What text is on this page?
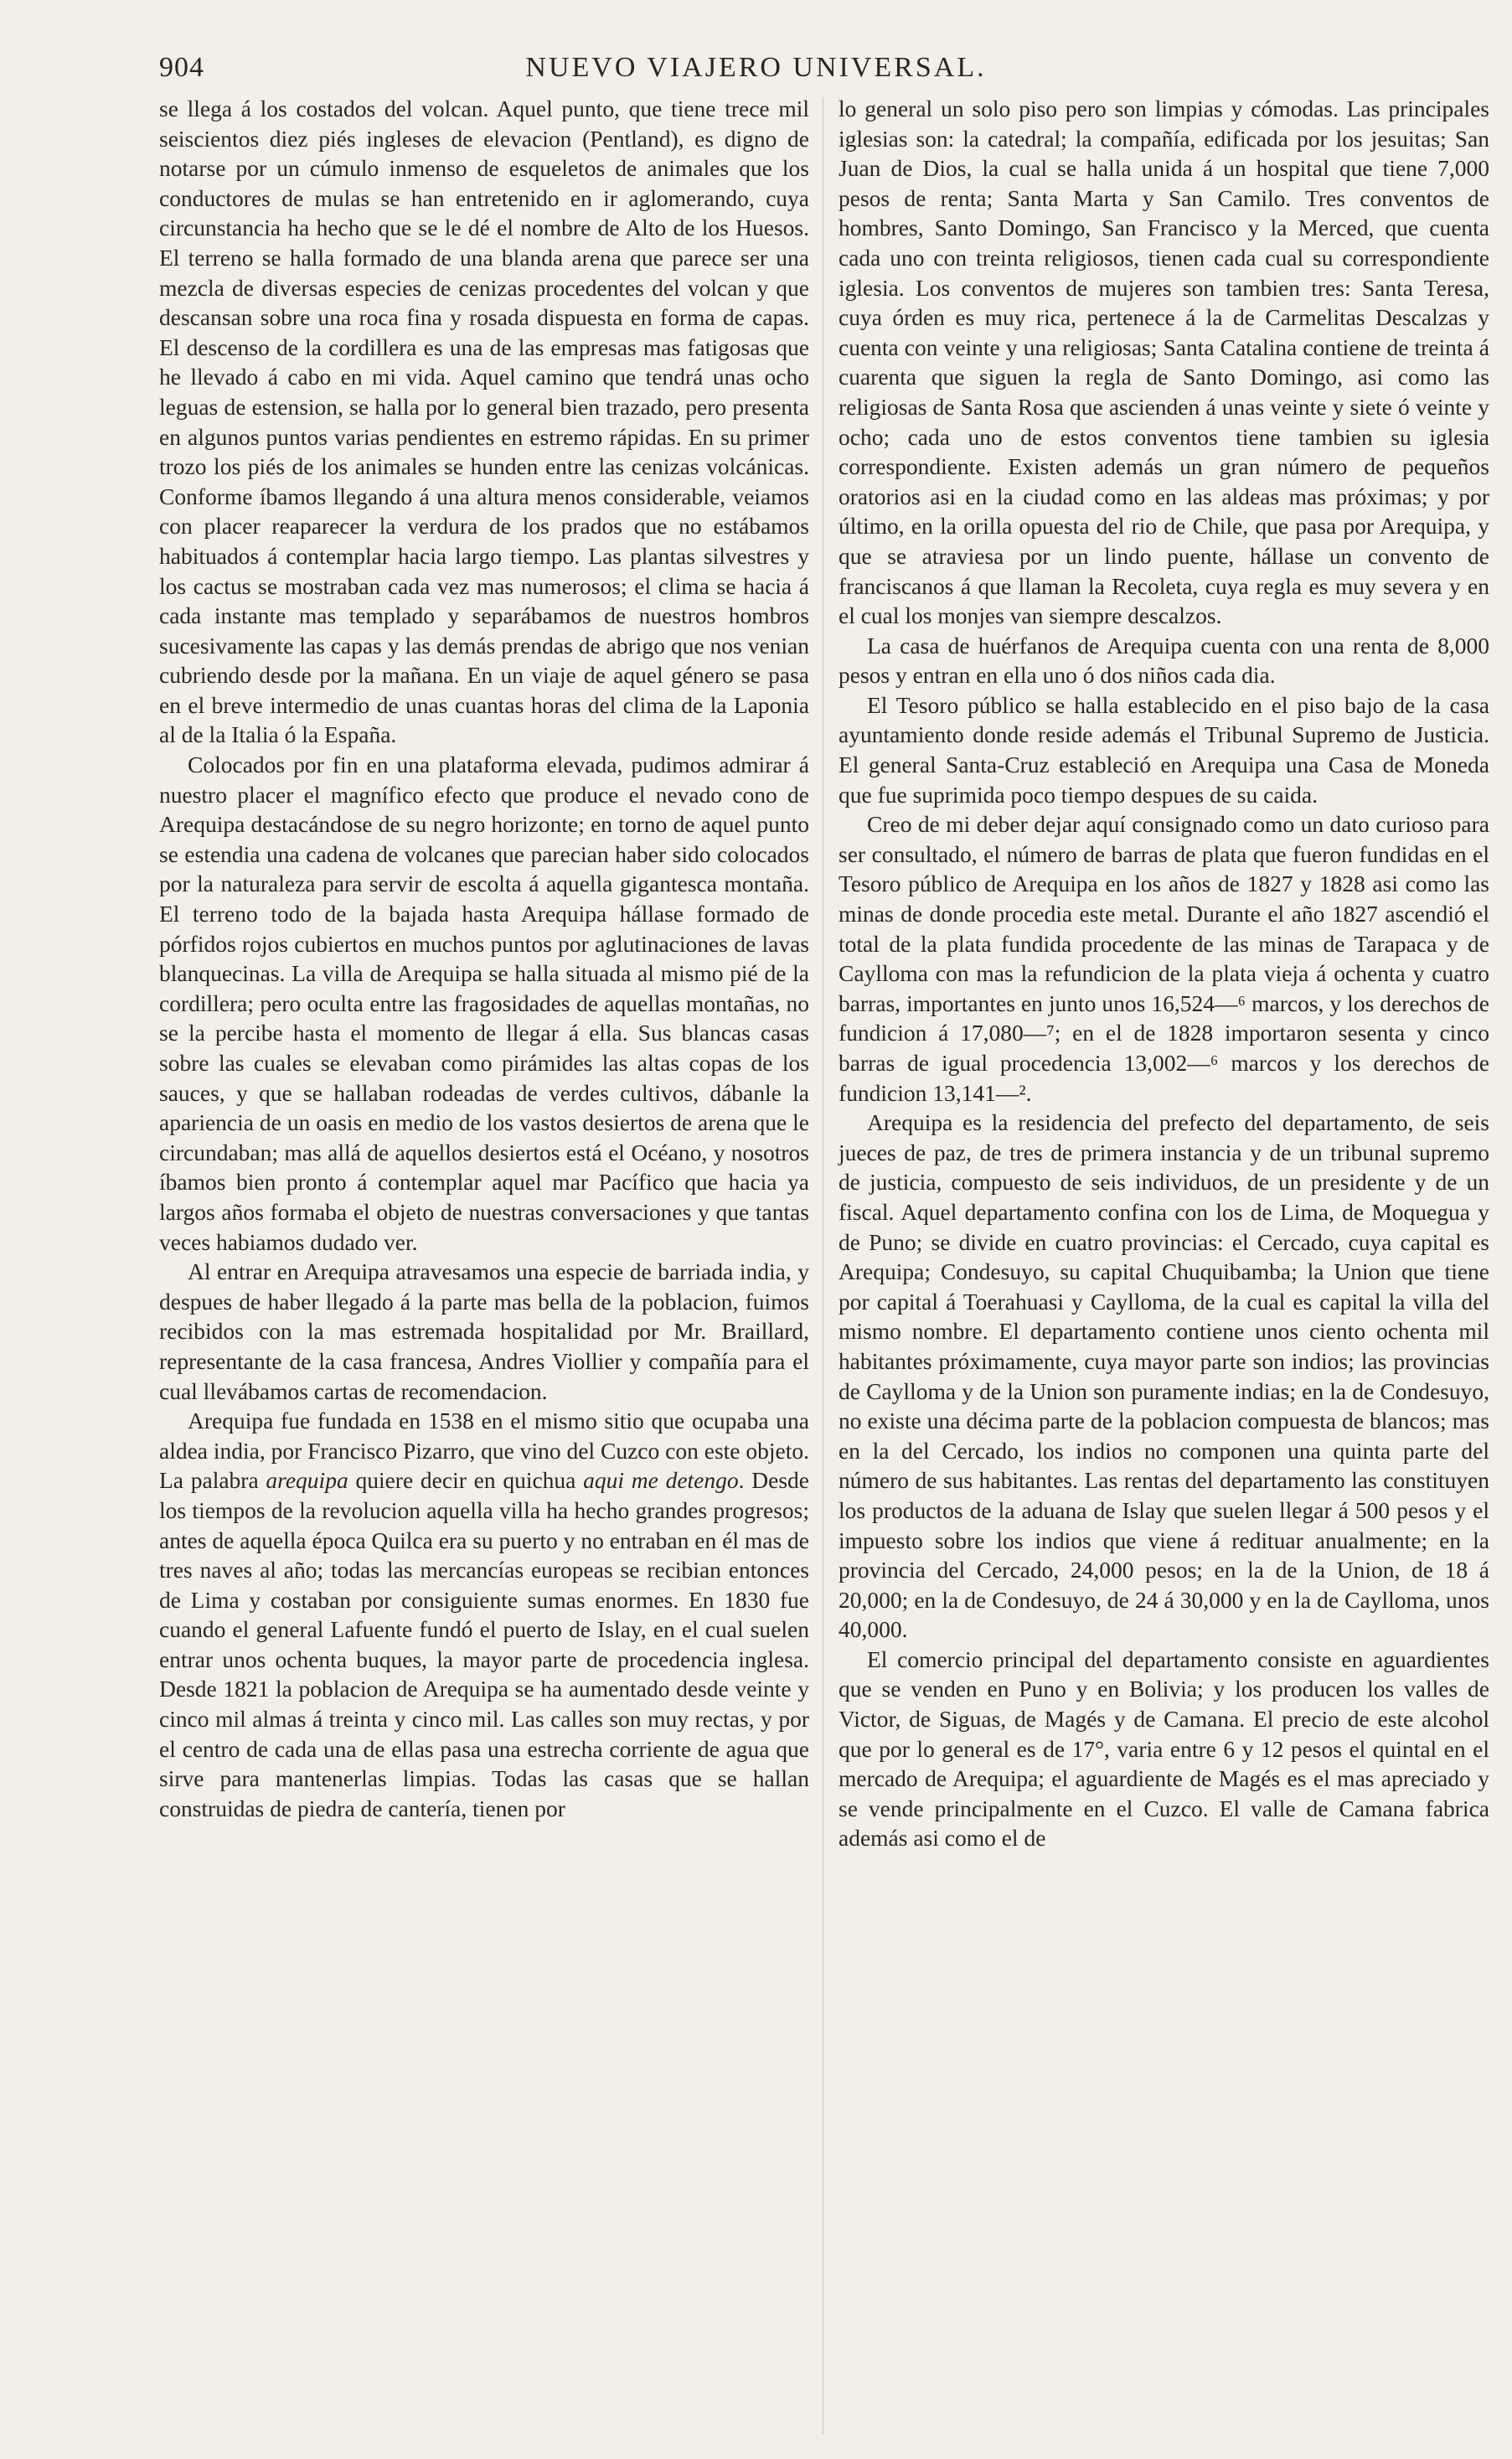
904	NUEVO VIAJERO UNIVERSAL.

se llega á los costados del volcan. Aquel punto, que tiene trece mil seiscientos diez piés ingleses de elevacion (Pentland), es digno de notarse por un cúmulo inmenso de esqueletos de animales que los conductores de mulas se han entretenido en ir aglomerando, cuya circunstancia ha hecho que se le dé el nombre de Alto de los Huesos. El terreno se halla formado de una blanda arena que parece ser una mezcla de diversas especies de cenizas procedentes del volcan y que descansan sobre una roca fina y rosada dispuesta en forma de capas. El descenso de la cordillera es una de las empresas mas fatigosas que he llevado á cabo en mi vida. Aquel camino que tendrá unas ocho leguas de estension, se halla por lo general bien trazado, pero presenta en algunos puntos varias pendientes en estremo rápidas. En su primer trozo los piés de los animales se hunden entre las cenizas volcánicas. Conforme íbamos llegando á una altura menos considerable, veiamos con placer reaparecer la verdura de los prados que no estábamos habituados á contemplar hacia largo tiempo. Las plantas silvestres y los cactus se mostraban cada vez mas numerosos; el clima se hacia á cada instante mas templado y separábamos de nuestros hombros sucesivamente las capas y las demás prendas de abrigo que nos venian cubriendo desde por la mañana. En un viaje de aquel género se pasa en el breve intermedio de unas cuantas horas del clima de la Laponia al de la Italia ó la España.

Colocados por fin en una plataforma elevada, pudimos admirar á nuestro placer el magnífico efecto que produce el nevado cono de Arequipa destacándose de su negro horizonte; en torno de aquel punto se estendia una cadena de volcanes que parecian haber sido colocados por la naturaleza para servir de escolta á aquella gigantesca montaña. El terreno todo de la bajada hasta Arequipa hállase formado de pórfidos rojos cubiertos en muchos puntos por aglutinaciones de lavas blanquecinas. La villa de Arequipa se halla situada al mismo pié de la cordillera; pero oculta entre las fragosidades de aquellas montañas, no se la percibe hasta el momento de llegar á ella. Sus blancas casas sobre las cuales se elevaban como pirámides las altas copas de los sauces, y que se hallaban rodeadas de verdes cultivos, dábanle la apariencia de un oasis en medio de los vastos desiertos de arena que le circundaban; mas allá de aquellos desiertos está el Océano, y nosotros íbamos bien pronto á contemplar aquel mar Pacífico que hacia ya largos años formaba el objeto de nuestras conversaciones y que tantas veces habiamos dudado ver.

Al entrar en Arequipa atravesamos una especie de barriada india, y despues de haber llegado á la parte mas bella de la poblacion, fuimos recibidos con la mas estremada hospitalidad por Mr. Braillard, representante de la casa francesa, Andres Viollier y compañía para el cual llevábamos cartas de recomendacion.

Arequipa fue fundada en 1538 en el mismo sitio que ocupaba una aldea india, por Francisco Pizarro, que vino del Cuzco con este objeto. La palabra arequipa quiere decir en quichua aqui me detengo. Desde los tiempos de la revolucion aquella villa ha hecho grandes progresos; antes de aquella época Quilca era su puerto y no entraban en él mas de tres naves al año; todas las mercancías europeas se recibian entonces de Lima y costaban por consiguiente sumas enormes. En 1830 fue cuando el general Lafuente fundó el puerto de Islay, en el cual suelen entrar unos ochenta buques, la mayor parte de procedencia inglesa. Desde 1821 la poblacion de Arequipa se ha aumentado desde veinte y cinco mil almas á treinta y cinco mil. Las calles son muy rectas, y por el centro de cada una de ellas pasa una estrecha corriente de agua que sirve para mantenerlas limpias. Todas las casas que se hallan construidas de piedra de cantería, tienen por

lo general un solo piso pero son limpias y cómodas. Las principales iglesias son: la catedral; la compañía, edificada por los jesuitas; San Juan de Dios, la cual se halla unida á un hospital que tiene 7,000 pesos de renta; Santa Marta y San Camilo. Tres conventos de hombres, Santo Domingo, San Francisco y la Merced, que cuenta cada uno con treinta religiosos, tienen cada cual su correspondiente iglesia. Los conventos de mujeres son tambien tres: Santa Teresa, cuya órden es muy rica, pertenece á la de Carmelitas Descalzas y cuenta con veinte y una religiosas; Santa Catalina contiene de treinta á cuarenta que siguen la regla de Santo Domingo, asi como las religiosas de Santa Rosa que ascienden á unas veinte y siete ó veinte y ocho; cada uno de estos conventos tiene tambien su iglesia correspondiente. Existen además un gran número de pequeños oratorios asi en la ciudad como en las aldeas mas próximas; y por último, en la orilla opuesta del rio de Chile, que pasa por Arequipa, y que se atraviesa por un lindo puente, hállase un convento de franciscanos á que llaman la Recoleta, cuya regla es muy severa y en el cual los monjes van siempre descalzos.

La casa de huérfanos de Arequipa cuenta con una renta de 8,000 pesos y entran en ella uno ó dos niños cada dia.

El Tesoro público se halla establecido en el piso bajo de la casa ayuntamiento donde reside además el Tribunal Supremo de Justicia. El general Santa-Cruz estableció en Arequipa una Casa de Moneda que fue suprimida poco tiempo despues de su caida.

Creo de mi deber dejar aquí consignado como un dato curioso para ser consultado, el número de barras de plata que fueron fundidas en el Tesoro público de Arequipa en los años de 1827 y 1828 asi como las minas de donde procedia este metal. Durante el año 1827 ascendió el total de la plata fundida procedente de las minas de Tarapaca y de Caylloma con mas la refundicion de la plata vieja á ochenta y cuatro barras, importantes en junto unos 16,524—⁶ marcos, y los derechos de fundicion á 17,080—⁷; en el de 1828 importaron sesenta y cinco barras de igual procedencia 13,002—⁶ marcos y los derechos de fundicion 13,141—².

Arequipa es la residencia del prefecto del departamento, de seis jueces de paz, de tres de primera instancia y de un tribunal supremo de justicia, compuesto de seis individuos, de un presidente y de un fiscal. Aquel departamento confina con los de Lima, de Moquegua y de Puno; se divide en cuatro provincias: el Cercado, cuya capital es Arequipa; Condesuyo, su capital Chuquibamba; la Union que tiene por capital á Toerahuasi y Caylloma, de la cual es capital la villa del mismo nombre. El departamento contiene unos ciento ochenta mil habitantes próximamente, cuya mayor parte son indios; las provincias de Caylloma y de la Union son puramente indias; en la de Condesuyo, no existe una décima parte de la poblacion compuesta de blancos; mas en la del Cercado, los indios no componen una quinta parte del número de sus habitantes. Las rentas del departamento las constituyen los productos de la aduana de Islay que suelen llegar á 500 pesos y el impuesto sobre los indios que viene á redituar anualmente; en la provincia del Cercado, 24,000 pesos; en la de la Union, de 18 á 20,000; en la de Condesuyo, de 24 á 30,000 y en la de Caylloma, unos 40,000.

El comercio principal del departamento consiste en aguardientes que se venden en Puno y en Bolivia; y los producen los valles de Victor, de Siguas, de Magés y de Camana. El precio de este alcohol que por lo general es de 17°, varia entre 6 y 12 pesos el quintal en el mercado de Arequipa; el aguardiente de Magés es el mas apreciado y se vende principalmente en el Cuzco. El valle de Camana fabrica además asi como el de
